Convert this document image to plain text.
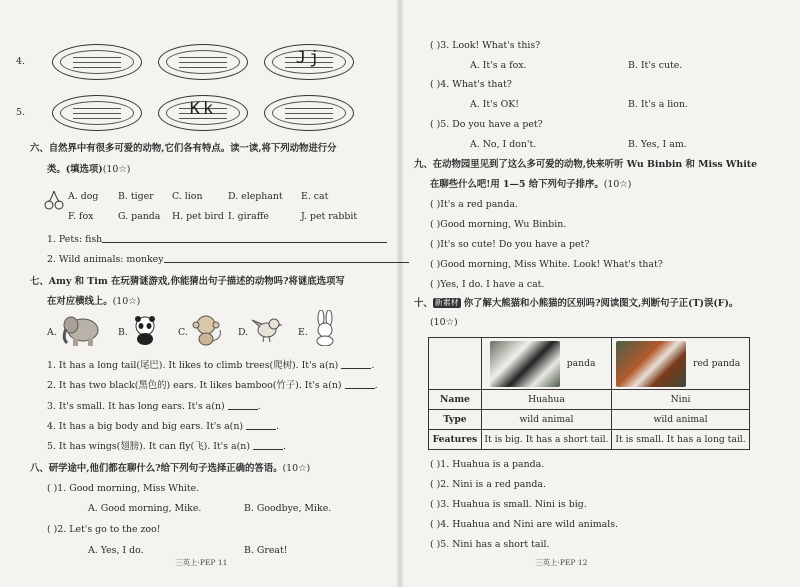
4.	Jj
5.	Kk
六、自然界中有很多可爱的动物,它们各有特点。读一读,将下列动物进行分
类。(填选项)(10☆)
A. dog B. tiger C. lion	D. elephant E. cat
F. fox	G. panda H. pet bird I. giraffe	J. pet rabbit
1. Pets: fish
2. Wild animals: monkey
七、Amy 和 Tim 在玩猜谜游戏,你能猜出句子描述的动物吗?将谜底选项写
在对应横线上。(10☆)
A.	B.	C.	D.	E.
1. It has a long tail(尾巴). It likes to climb trees(爬树). It's a(n)	.
2. It has two black(黑色的) ears. It likes bamboo(竹子). It's a(n)	.
3. It's small. It has long ears. It's a(n)	.
4. It has a big body and big ears. It's a(n)	.
5. It has wings(翅膀). It can fly(飞). It's a(n)	.
八、研学途中,他们都在聊什么?给下列句子选择正确的答语。(10☆)
( )1. Good morning, Miss White.
A. Good morning, Mike.	B. Goodbye, Mike.
( )2. Let's go to the zoo!
A. Yes, I do.	B. Great!
三英上·PEP 11
( )3. Look! What's this?
A. It's a fox.	B. It's cute.
( )4. What's that?
A. It's OK!	B. It's a lion.
( )5. Do you have a pet?
A. No, I don't.	B. Yes, I am.
九、在动物园里见到了这么多可爱的动物,快来听听 Wu Binbin 和 Miss White
在聊些什么吧!用 1—5 给下列句子排序。(10☆)
( )It's a red panda.
( )Good morning, Wu Binbin.
( )It's so cute! Do you have a pet?
( )Good morning, Miss White. Look! What's that?
( )Yes, I do. I have a cat.
十、 新素材 你了解大熊猫和小熊猫的区别吗?阅读图文,判断句子正(T)误(F)。
(10☆)
	panda	red panda
Name	Huahua	Nini
Type	wild animal	wild animal
Features	It is big. It has a short tail.	It is small. It has a long tail.
( )1. Huahua is a panda.
( )2. Nini is a red panda.
( )3. Huahua is small. Nini is big.
( )4. Huahua and Nini are wild animals.
( )5. Nini has a short tail.
三英上·PEP 12
